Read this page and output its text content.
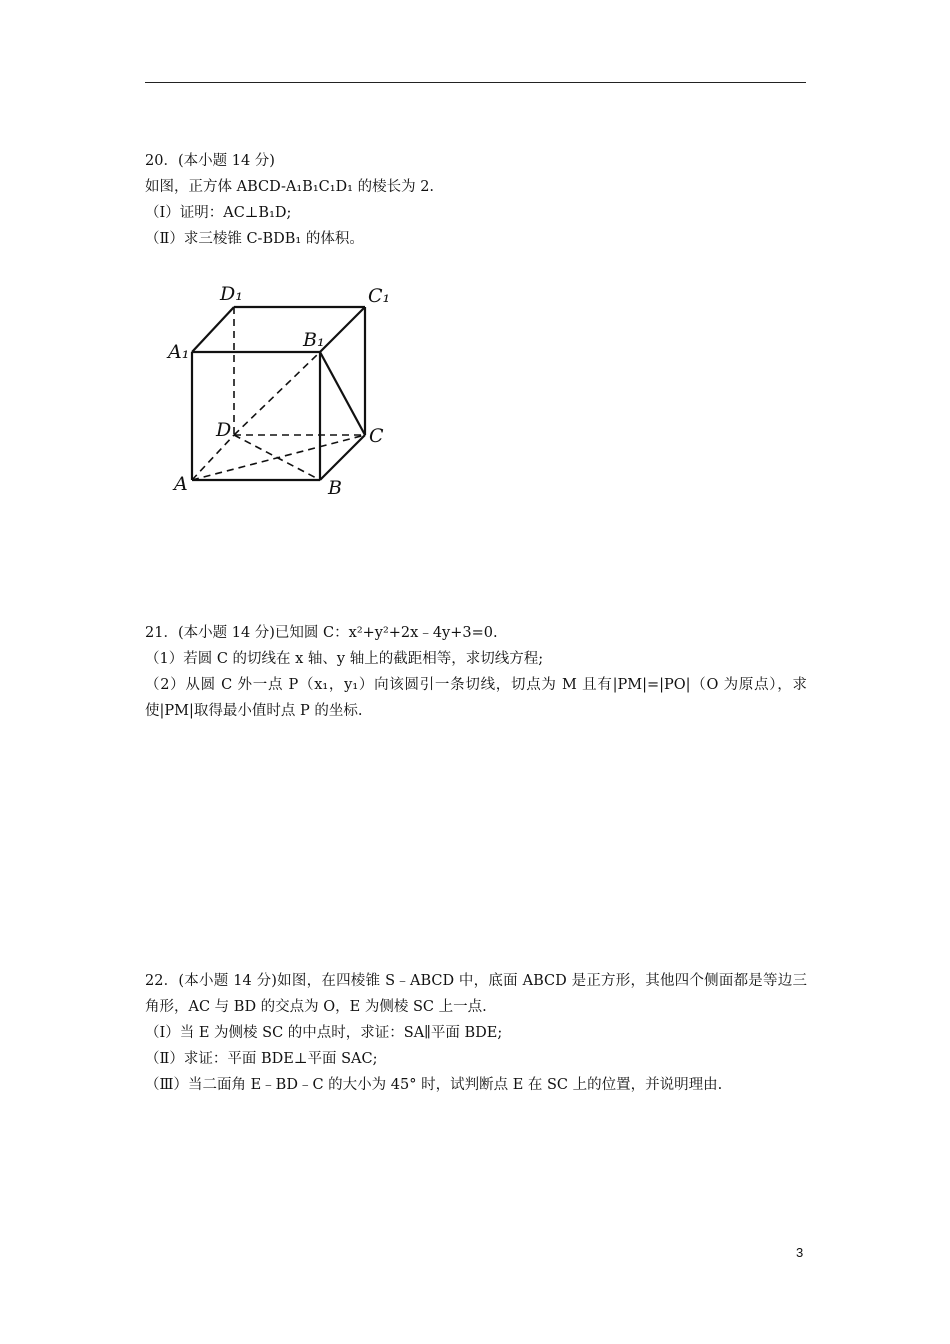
20．(本小题 14 分)
如图，正方体 ABCD-A₁B₁C₁D₁ 的棱长为 2.
（Ⅰ）证明：AC⊥B₁D;
（Ⅱ）求三棱锥 C-BDB₁ 的体积。
D₁	C₁
A₁
B₁
D	C
A	B
21．(本小题 14 分)已知圆 C：x²+y²+2x﹣4y+3=0.
（1）若圆 C 的切线在 x 轴、y 轴上的截距相等，求切线方程;
（2）从圆 C 外一点 P（x₁，y₁）向该圆引一条切线，切点为 M 且有|PM|=|PO|（O 为原点），求使|PM|取得最小值时点 P 的坐标.
22．(本小题 14 分)如图，在四棱锥 S﹣ABCD 中，底面 ABCD 是正方形，其他四个侧面都是等边三角形，AC 与 BD 的交点为 O，E 为侧棱 SC 上一点.
（Ⅰ）当 E 为侧棱 SC 的中点时，求证：SA∥平面 BDE;
（Ⅱ）求证：平面 BDE⊥平面 SAC;
（Ⅲ）当二面角 E﹣BD﹣C 的大小为 45° 时，试判断点 E 在 SC 上的位置，并说明理由.
3
